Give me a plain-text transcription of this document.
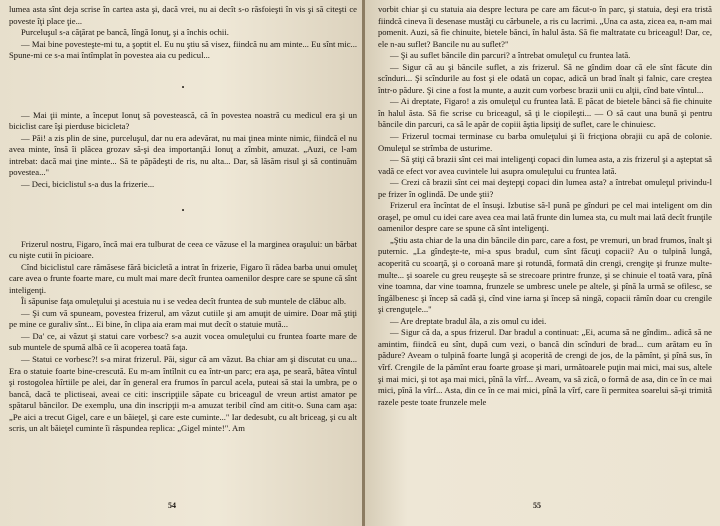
lumea asta sînt deja scrise în cartea asta şi, dacă vrei, nu ai decît s-o răsfoieşti în vis şi să citeşti ce poveste îţi place ţie...

Purceluşul s-a căţărat pe bancă, lîngă Ionuţ, şi a închis ochii.

— Mai bine povesteşte-mi tu, a şoptit el. Eu nu ştiu să visez, fiindcă nu am minte... Eu sînt mic... Spune-mi ce s-a mai întîmplat în povestea aia cu pedicul...

•

— Mai ţii minte, a început Ionuţ să povestească, că în povestea noastră cu medicul era şi un biciclist care îşi pierduse bicicleta?

— Păi! a zis plin de sine, purceluşul, dar nu era adevărat, nu mai ţinea minte nimic, fiindcă el nu avea minte, însă îi plăcea grozav să-şi dea importanţă.i Ionuţ a zîmbit, amuzat. „Auzi, ce l-am intrebat: dacă mai ţine minte... Să te păpădeşti de ris, nu alta... Dar, să lăsăm risul şi să continuăm povestea..."

— Deci, biciclistul s-a dus la frizerie...

•

Frizerul nostru, Figaro, încă mai era tulburat de ceea ce văzuse el la marginea oraşului: un bărbat cu nişte cutii în picioare.

Cînd biciclistul care rămăsese fără bicicletă a intrat în frizerie, Figaro îi rădea barba unui omuleţ care avea o frunte foarte mare, cu mult mai mare decît fruntea oamenilor despre care se spune că sînt inteligenţi.

Îi săpunise faţa omuleţului şi acestuia nu i se vedea decît fruntea de sub muntele de clăbuc alb.

— Şi cum vă spuneam, povestea frizerul, am văzut cutiile şi am amuţit de uimire. Doar mă ştiţi pe mine ce guraliv sînt... Ei bine, în clipa aia eram mai mut decît o statuie mută...

— Da' ce, ai văzut şi statui care vorbesc? s-a auzit vocea omuleţului cu fruntea foarte mare de sub muntele de spumă albă ce îi acoperea toată faţa.

— Statui ce vorbesc?! s-a mirat frizerul. Păi, sigur că am văzut. Ba chiar am şi discutat cu una... Era o statuie foarte bine-crescută. Eu m-am întîlnit cu ea într-un parc; era aşa, pe seară, bătea vîntul şi rostogolea hîrtiile pe alei, dar în general era frumos în parcul acela, puteai să stai la umbra, pe o bancă, dacă te plictiseai, aveai ce citi: inscripţiile săpate cu briceagul de vreun artist amator pe spătarul băncilor. De exemplu, una din inscripţii m-a amuzat teribil cînd am citit-o. Suna cam aşa: „Pe aici a trecut Gigel, care e un băieţel, şi care este cuminte..." Iar dedesubt, cu alt briceag, şi cu alt scris, un alt băieţel cuminte îi răspundea replica: „Gigel minte!". Am

54

vorbit chiar şi cu statuia aia despre lectura pe care am făcut-o în parc, şi statuia, deşi era tristă fiindcă cineva îi desenase mustăţi cu cărbunele, a ris cu lacrimi. „Una ca asta, zicea ea, n-am mai pomenit. Auzi, să fie chinuite, bietele bănci, în halul ăsta. Să fie maltratate cu briceagul! Dar, ce, ele n-au suflet? Bancile nu au suflet?"

— Şi au suflet băncile din parcuri? a întrebat omuleţul cu fruntea lată.

— Sigur că au şi băncile suflet, a zis frizerul. Să ne gîndim doar că ele sînt făcute din scînduri... Şi scîndurile au fost şi ele odată un copac, adică un brad înalt şi falnic, care creştea într-o pădure. Şi cine a fost la munte, a auzit cum vorbesc brazii unii cu alţii, cînd bate vîntul...

— Ai dreptate, Figaro! a zis omuleţul cu fruntea lată. E păcat de bietele bănci să fie chinuite în halul ăsta. Să fie scrise cu briceagul, să ţi le ciopileşti... — O să caut una bună şi pentru băncile din parcuri, ca să le apăr de copiii ăştia lipsiţi de suflet, care le chinuiesc.

— Frizerul tocmai terminase cu barba omuleţului şi îi fricţiona obrajii cu apă de colonie. Omuleţul se strîmba de usturime.

— Să ştiţi că brazii sînt cei mai inteligenţi copaci din lumea asta, a zis frizerul şi a aşteptat să vadă ce efect vor avea cuvintele lui asupra omuleţului cu fruntea lată.

— Crezi că brazii sînt cei mai deştepţi copaci din lumea asta? a întrebat omuleţul privindu-l pe frizer în oglindă. De unde ştii?

Frizerul era încîntat de el însuşi. Izbutise să-l pună pe gînduri pe cel mai inteligent om din oraşel, pe omul cu idei care avea cea mai lată frunte din lumea sta, cu mult mai lată decît frunţile oamenilor despre care se spune că sînt inteligenţi.

„Ştiu asta chiar de la una din băncile din parc, care a fost, pe vremuri, un brad frumos, înalt şi puternic. „La gîndeşte-te, mi-a spus bradul, cum sînt făcuţi copacii? Au o tulpină lungă, acoperită cu scoarţă, şi o coroană mare şi rotundă, formată din crengi, crengiţe şi frunze multe-multe... şi soarele cu greu reuşeşte să se strecoare printre frunze, şi se chinuie el toată vara, pînă vine toamna, dar vine toamna, frunzele se umbresc unele pe altele, şi pînă la urmă se ofilesc, se îngălbenesc şi încep să cadă şi, cînd vine iarna şi încep să ningă, copacii rămîn doar cu crengile şi crenguţele..."

— Are dreptate bradul ăla, a zis omul cu idei.

— Sigur că da, a spus frizerul. Dar bradul a continuat: „Ei, acuma să ne gîndim.. adică să ne amintim, fiindcă eu sînt, după cum vezi, o bancă din scînduri de brad... cum arătam eu în pădure? Aveam o tulpină foarte lungă şi acoperită de crengi de jos, de la pămînt, şi pînă sus, în vîrf. Crengile de la pămînt erau foarte groase şi mari, următoarele puţin mai mici, mai sus, altele şi mai mici, şi tot aşa mai mici, pînă la vîrf... Aveam, va să zică, o formă de asa, din ce în ce mai mici, pînă la vîrf... Asta, din ce în ce mai mici, pînă la vîrf, care îi permitea soarelui să-şi trimită razele peste toate frunzele mele

55
